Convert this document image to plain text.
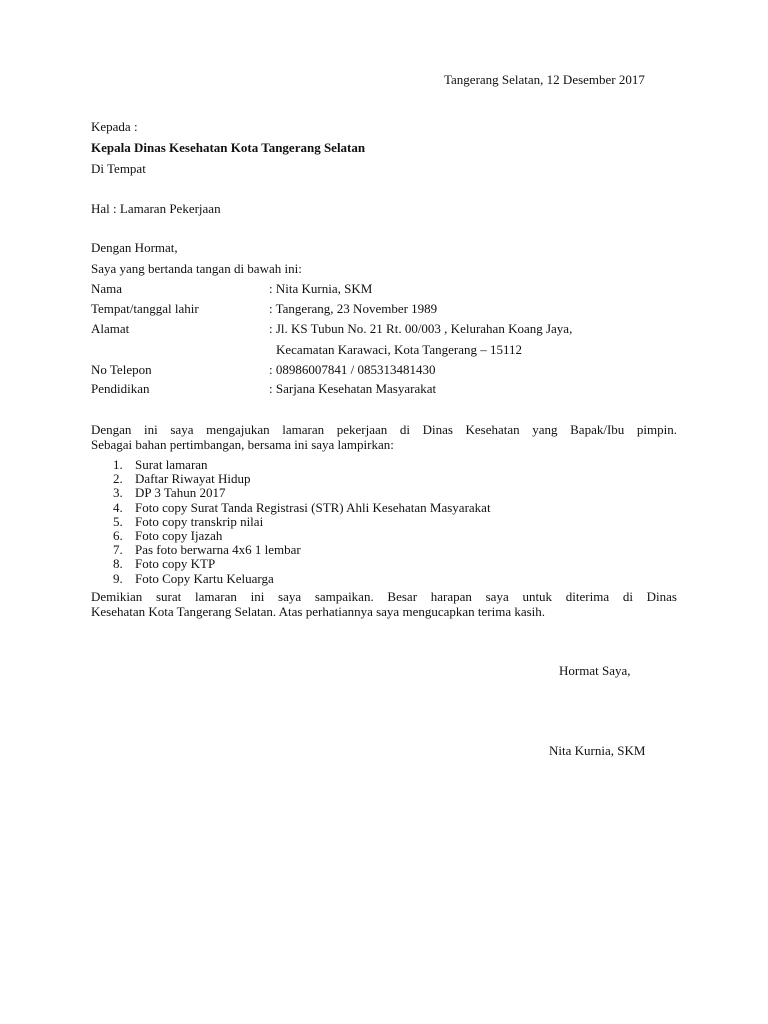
Tangerang Selatan, 12 Desember 2017
Kepada :
Kepala Dinas Kesehatan Kota Tangerang Selatan
Di Tempat
Hal : Lamaran Pekerjaan
Dengan Hormat,
Saya yang bertanda tangan di bawah ini:
Nama	: Nita Kurnia, SKM
Tempat/tanggal lahir	: Tangerang, 23 November 1989
Alamat	: Jl. KS Tubun No. 21 Rt. 00/003 , Kelurahan Koang Jaya,
Kecamatan Karawaci, Kota Tangerang – 15112
No Telepon	: 08986007841 / 085313481430
Pendidikan	: Sarjana Kesehatan Masyarakat
Dengan ini saya mengajukan lamaran pekerjaan di Dinas Kesehatan yang Bapak/Ibu pimpin.
Sebagai bahan pertimbangan, bersama ini saya lampirkan:
1. Surat lamaran
2. Daftar Riwayat Hidup
3. DP 3 Tahun 2017
4. Foto copy Surat Tanda Registrasi (STR) Ahli Kesehatan Masyarakat
5. Foto copy transkrip nilai
6. Foto copy Ijazah
7. Pas foto berwarna 4x6 1 lembar
8. Foto copy KTP
9. Foto Copy Kartu Keluarga
Demikian surat lamaran ini saya sampaikan. Besar harapan saya untuk diterima di Dinas
Kesehatan Kota Tangerang Selatan. Atas perhatiannya saya mengucapkan terima kasih.
Hormat Saya,
Nita Kurnia, SKM
